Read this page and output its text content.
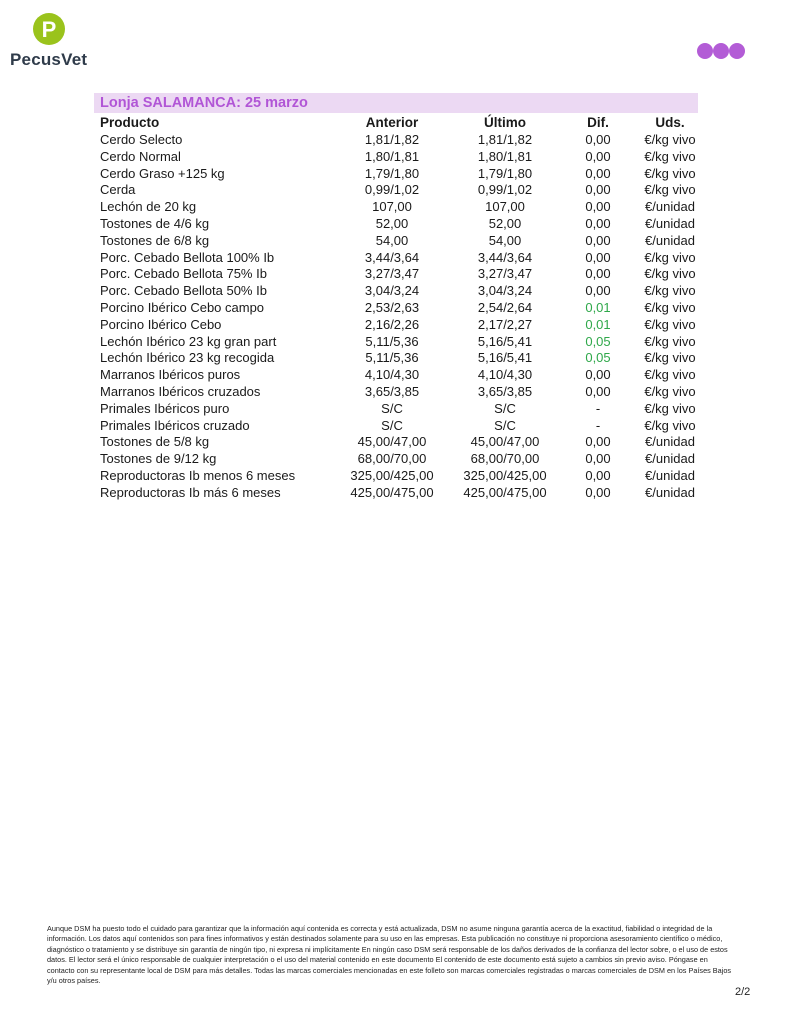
P
PecusVet
Lonja SALAMANCA: 25 marzo
Producto	Anterior	Último	Dif.	Uds.
Cerdo Selecto	1,81/1,82	1,81/1,82	0,00	€/kg vivo
Cerdo Normal	1,80/1,81	1,80/1,81	0,00	€/kg vivo
Cerdo Graso +125 kg	1,79/1,80	1,79/1,80	0,00	€/kg vivo
Cerda	0,99/1,02	0,99/1,02	0,00	€/kg vivo
Lechón de 20 kg	107,00	107,00	0,00	€/unidad
Tostones de 4/6 kg	52,00	52,00	0,00	€/unidad
Tostones de 6/8 kg	54,00	54,00	0,00	€/unidad
Porc. Cebado Bellota 100% Ib	3,44/3,64	3,44/3,64	0,00	€/kg vivo
Porc. Cebado Bellota 75% Ib	3,27/3,47	3,27/3,47	0,00	€/kg vivo
Porc. Cebado Bellota 50% Ib	3,04/3,24	3,04/3,24	0,00	€/kg vivo
Porcino Ibérico Cebo campo	2,53/2,63	2,54/2,64	0,01	€/kg vivo
Porcino Ibérico Cebo	2,16/2,26	2,17/2,27	0,01	€/kg vivo
Lechón Ibérico 23 kg gran part	5,11/5,36	5,16/5,41	0,05	€/kg vivo
Lechón Ibérico 23 kg recogida	5,11/5,36	5,16/5,41	0,05	€/kg vivo
Marranos Ibéricos puros	4,10/4,30	4,10/4,30	0,00	€/kg vivo
Marranos Ibéricos cruzados	3,65/3,85	3,65/3,85	0,00	€/kg vivo
Primales Ibéricos puro	S/C	S/C	-	€/kg vivo
Primales Ibéricos cruzado	S/C	S/C	-	€/kg vivo
Tostones de 5/8 kg	45,00/47,00	45,00/47,00	0,00	€/unidad
Tostones de 9/12 kg	68,00/70,00	68,00/70,00	0,00	€/unidad
Reproductoras Ib menos 6 meses	325,00/425,00	325,00/425,00	0,00	€/unidad
Reproductoras Ib más 6 meses	425,00/475,00	425,00/475,00	0,00	€/unidad
Aunque DSM ha puesto todo el cuidado para garantizar que la información aquí contenida es correcta y está actualizada, DSM no asume ninguna garantía acerca de la exactitud, fiabilidad o integridad de la información. Los datos aquí contenidos son para fines informativos y están destinados solamente para su uso en las empresas. Esta publicación no constituye ni proporciona asesoramiento científico o médico, diagnóstico o tratamiento y se distribuye sin garantía de ningún tipo, ni expresa ni implícitamente En ningún caso DSM será responsable de los daños derivados de la confianza del lector sobre, o el uso de estos datos. El lector será el único responsable de cualquier interpretación o el uso del material contenido en este documento El contenido de este documento está sujeto a cambios sin previo aviso. Póngase en contacto con su representante local de DSM para más detalles. Todas las marcas comerciales mencionadas en este folleto son marcas comerciales registradas o marcas comerciales de DSM en los Países Bajos y/u otros países.
2/2
